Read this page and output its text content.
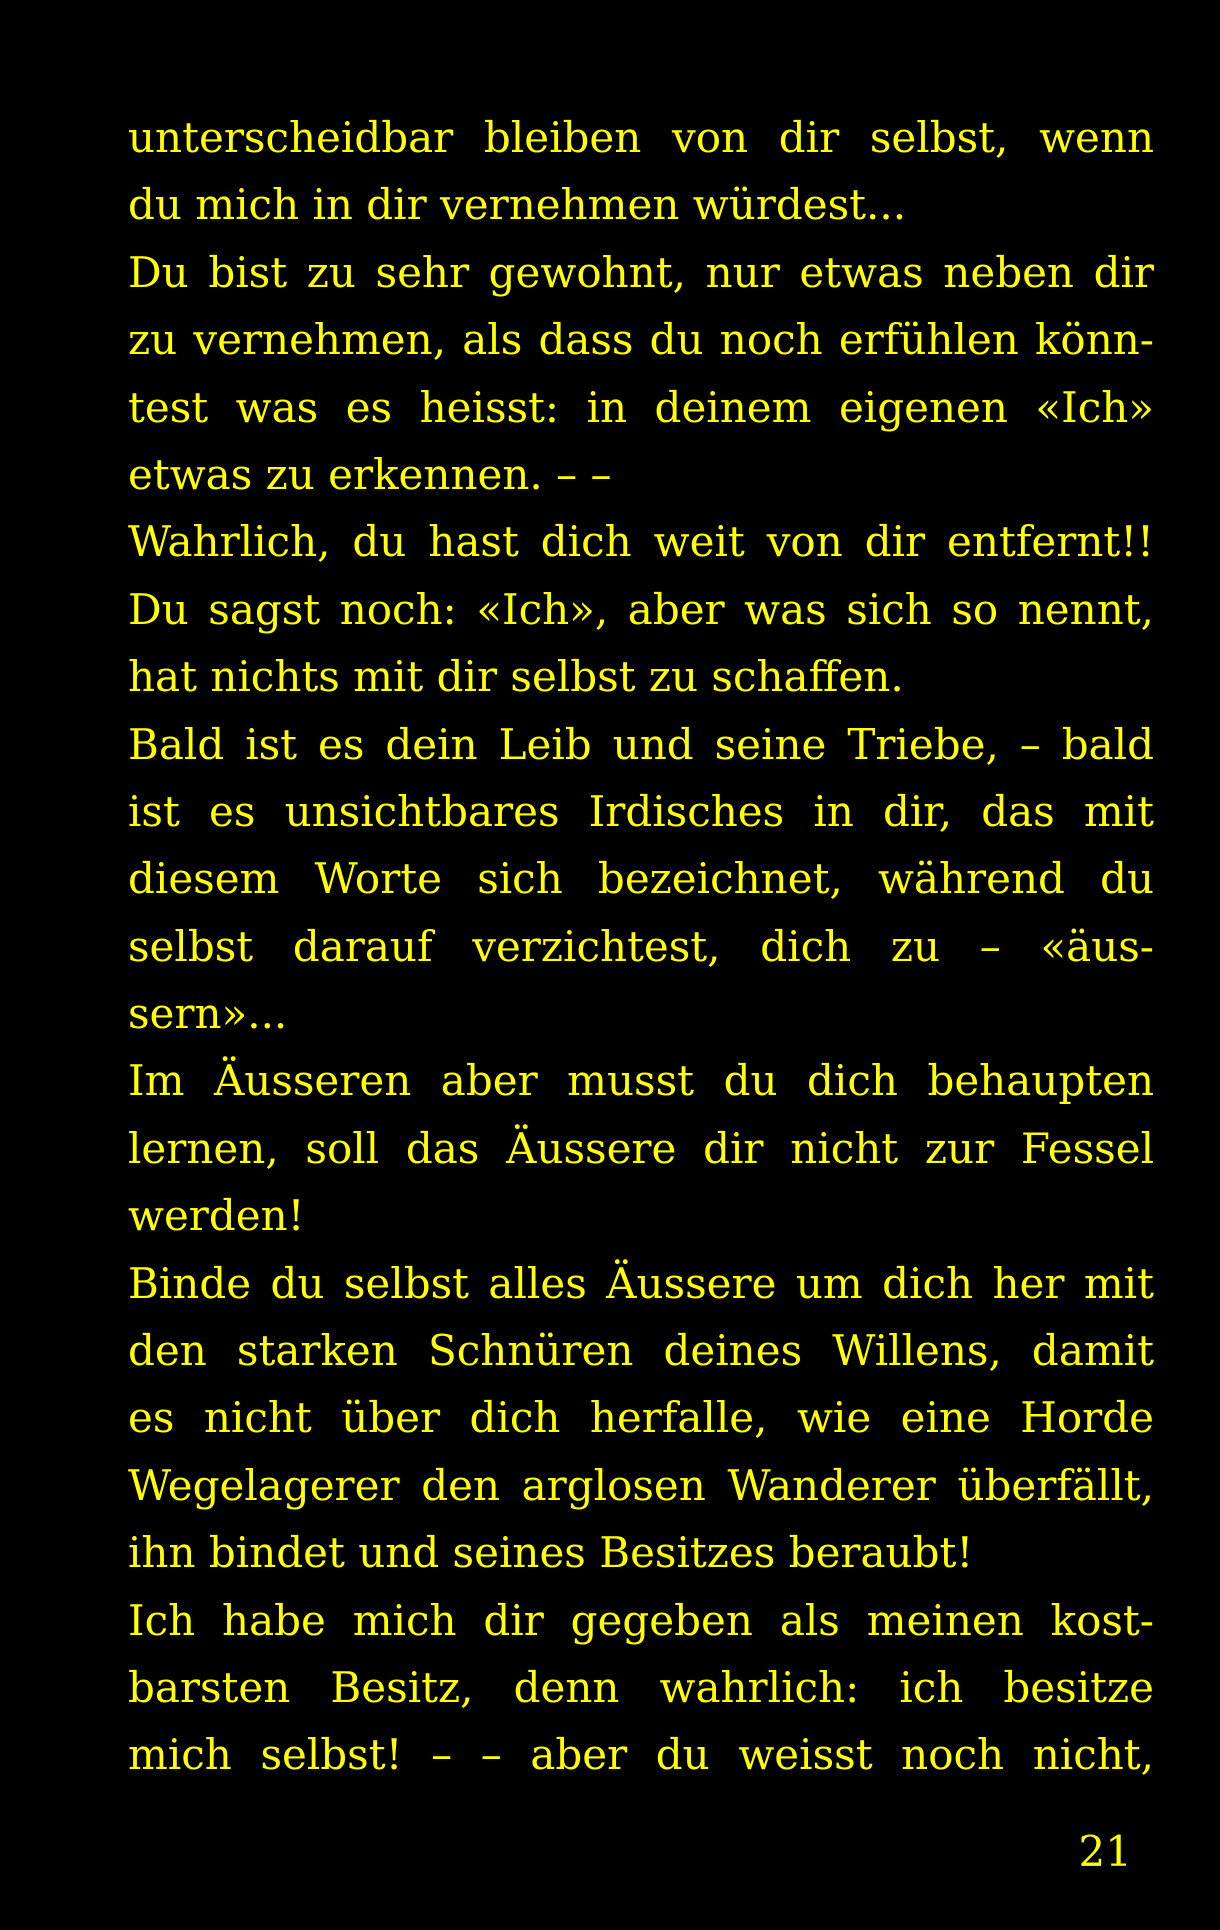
unterscheidbar bleiben von dir selbst, wenn
du mich in dir vernehmen würdest...
Du bist zu sehr gewohnt, nur etwas neben dir
zu vernehmen, als dass du noch erfühlen könn-
test was es heisst: in deinem eigenen «Ich»
etwas zu erkennen. – –
Wahrlich, du hast dich weit von dir entfernt!!
Du sagst noch: «Ich», aber was sich so nennt,
hat nichts mit dir selbst zu schaffen.
Bald ist es dein Leib und seine Triebe, – bald
ist es unsichtbares Irdisches in dir, das mit
diesem Worte sich bezeichnet, während du
selbst darauf verzichtest, dich zu – «äus-
sern»...
Im Äusseren aber musst du dich behaupten
lernen, soll das Äussere dir nicht zur Fessel
werden!
Binde du selbst alles Äussere um dich her mit
den starken Schnüren deines Willens, damit
es nicht über dich herfalle, wie eine Horde
Wegelagerer den arglosen Wanderer überfällt,
ihn bindet und seines Besitzes beraubt!
Ich habe mich dir gegeben als meinen kost-
barsten Besitz, denn wahrlich: ich besitze
mich selbst! – – aber du weisst noch nicht,
21
